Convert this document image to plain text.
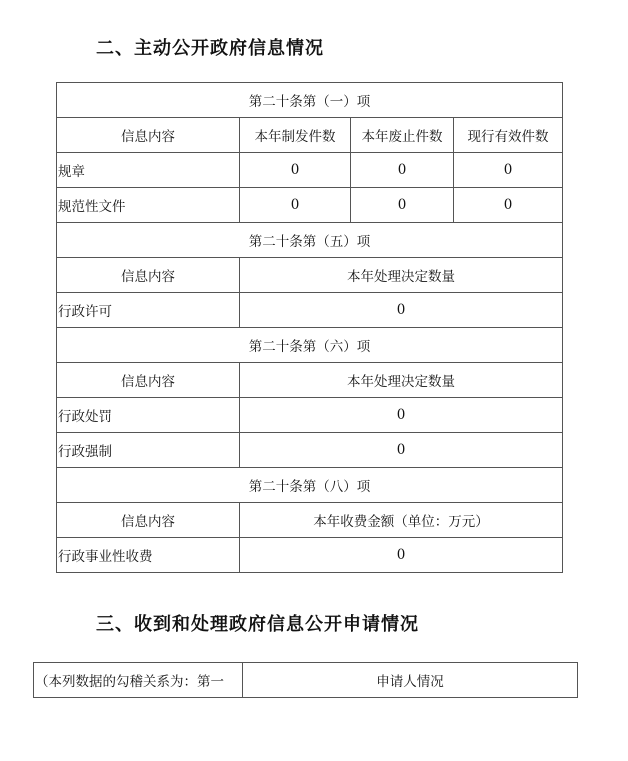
二、主动公开政府信息情况
第二十条第（一）项			
信息内容	本年制发件数	本年废止件数	现行有效件数
规章	0	0	0
规范性文件	0	0	0
第二十条第（五）项			
信息内容	本年处理决定数量		
行政许可	0		
第二十条第（六）项			
信息内容	本年处理决定数量		
行政处罚	0		
行政强制	0		
第二十条第（八）项			
信息内容	本年收费金额（单位：万元）		
行政事业性收费	0		
三、收到和处理政府信息公开申请情况
（本列数据的勾稽关系为：第一	申请人情况
